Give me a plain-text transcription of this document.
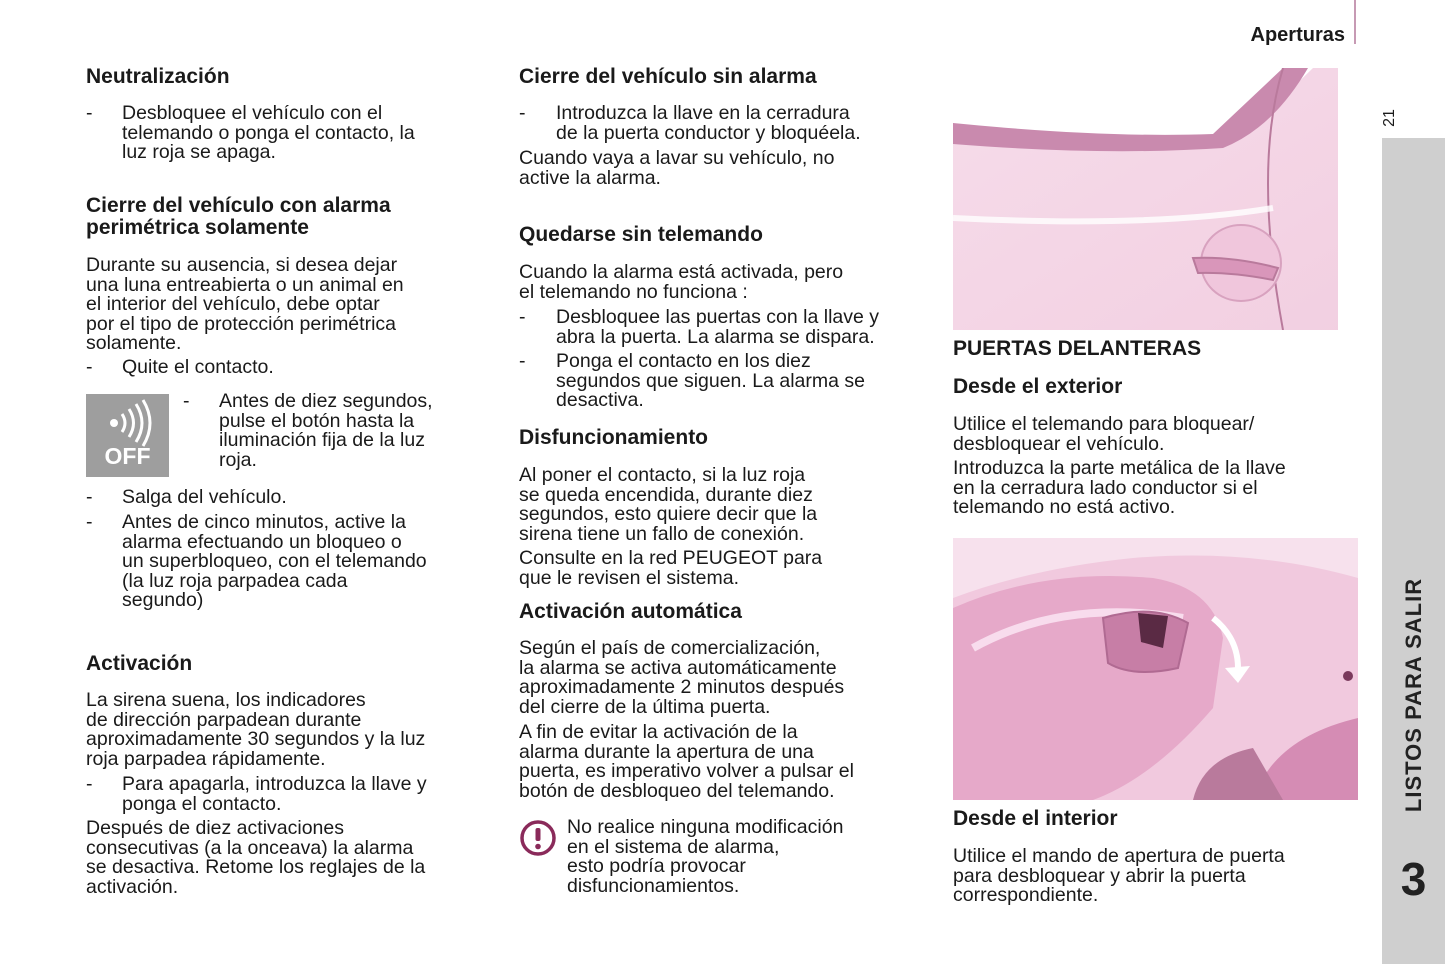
Aperturas
21
LISTOS PARA SALIR
3
Neutralización
- Desbloquee el vehículo con el
telemando o ponga el contacto, la
luz roja se apaga.
Cierre del vehículo con alarma
perimétrica solamente
Durante su ausencia, si desea dejar
una luna entreabierta o un animal en
el interior del vehículo, debe optar
por el tipo de protección perimétrica
solamente.
- Quite el contacto.
OFF
- Antes de diez segundos,
pulse el botón hasta la
iluminación fija de la luz
roja.
- Salga del vehículo.
- Antes de cinco minutos, active la
alarma efectuando un bloqueo o
un superbloqueo, con el telemando
(la luz roja parpadea cada
segundo)
Activación
La sirena suena, los indicadores
de dirección parpadean durante
aproximadamente 30 segundos y la luz
roja parpadea rápidamente.
- Para apagarla, introduzca la llave y
ponga el contacto.
Después de diez activaciones
consecutivas (a la onceava) la alarma
se desactiva. Retome los reglajes de la
activación.
Cierre del vehículo sin alarma
- Introduzca la llave en la cerradura
de la puerta conductor y bloquéela.
Cuando vaya a lavar su vehículo, no
active la alarma.
Quedarse sin telemando
Cuando la alarma está activada, pero
el telemando no funciona :
- Desbloquee las puertas con la llave y
abra la puerta. La alarma se dispara.
- Ponga el contacto en los diez
segundos que siguen. La alarma se
desactiva.
Disfuncionamiento
Al poner el contacto, si la luz roja
se queda encendida, durante diez
segundos, esto quiere decir que la
sirena tiene un fallo de conexión.
Consulte en la red PEUGEOT para
que le revisen el sistema.
Activación automática
Según el país de comercialización,
la alarma se activa automáticamente
aproximadamente 2 minutos después
del cierre de la última puerta.
A fin de evitar la activación de la
alarma durante la apertura de una
puerta, es imperativo volver a pulsar el
botón de desbloqueo del telemando.
No realice ninguna modificación
en el sistema de alarma,
esto podría provocar
disfuncionamientos.
PUERTAS DELANTERAS
Desde el exterior
Utilice el telemando para bloquear/
desbloquear el vehículo.
Introduzca la parte metálica de la llave
en la cerradura lado conductor si el
telemando no está activo.
Desde el interior
Utilice el mando de apertura de puerta
para desbloquear y abrir la puerta
correspondiente.
